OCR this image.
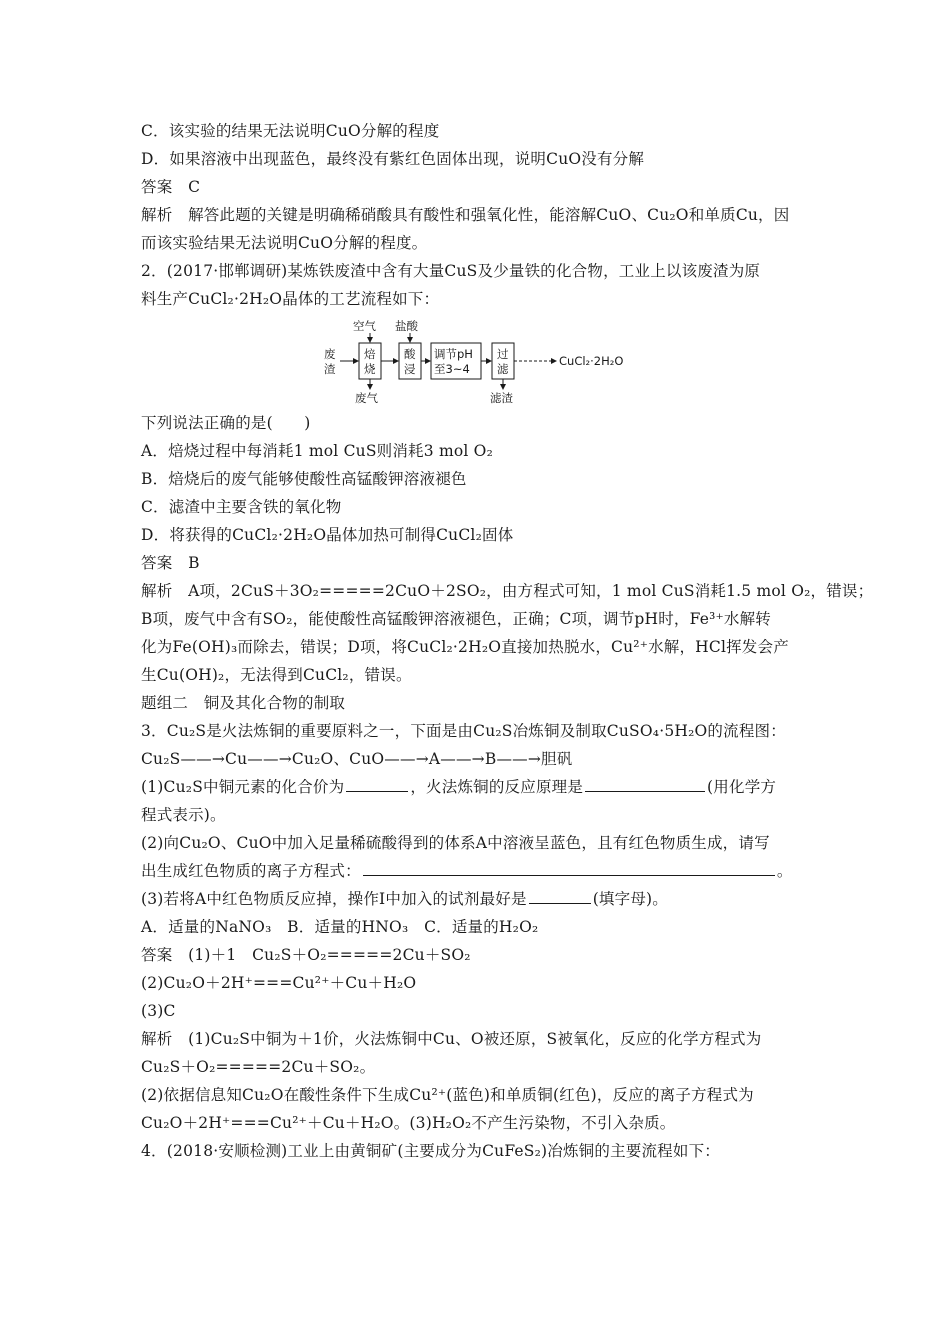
C．该实验的结果无法说明CuO分解的程度
D．如果溶液中出现蓝色，最终没有紫红色固体出现，说明CuO没有分解
答案　C
解析　解答此题的关键是明确稀硝酸具有酸性和强氧化性，能溶解CuO、Cu₂O和单质Cu，因
而该实验结果无法说明CuO分解的程度。
2．(2017·邯郸调研)某炼铁废渣中含有大量CuS及少量铁的化合物，工业上以该废渣为原
料生产CuCl₂·2H₂O晶体的工艺流程如下：
废
渣
焙
烧
空气
废气
酸
浸
盐酸
调节pH
至3~4
过
滤
滤渣
CuCl₂·2H₂O
下列说法正确的是(　　)
A．焙烧过程中每消耗1 mol CuS则消耗3 mol O₂
B．焙烧后的废气能够使酸性高锰酸钾溶液褪色
C．滤渣中主要含铁的氧化物
D．将获得的CuCl₂·2H₂O晶体加热可制得CuCl₂固体
答案　B
解析　A项，2CuS＋3O₂=====2CuO＋2SO₂，由方程式可知，1 mol CuS消耗1.5 mol O₂，错误；
B项，废气中含有SO₂，能使酸性高锰酸钾溶液褪色，正确；C项，调节pH时，Fe³⁺水解转
化为Fe(OH)₃而除去，错误；D项，将CuCl₂·2H₂O直接加热脱水，Cu²⁺水解，HCl挥发会产
生Cu(OH)₂，无法得到CuCl₂，错误。
题组二　铜及其化合物的制取
3．Cu₂S是火法炼铜的重要原料之一，下面是由Cu₂S冶炼铜及制取CuSO₄·5H₂O的流程图：
Cu₂S——→Cu——→Cu₂O、CuO——→A——→B——→胆矾
(1)Cu₂S中铜元素的化合价为	，火法炼铜的反应原理是	(用化学方
程式表示)。
(2)向Cu₂O、CuO中加入足量稀硫酸得到的体系A中溶液呈蓝色，且有红色物质生成，请写
出生成红色物质的离子方程式：	。
(3)若将A中红色物质反应掉，操作Ⅰ中加入的试剂最好是	(填字母)。
A．适量的NaNO₃　B．适量的HNO₃　C．适量的H₂O₂
答案　(1)＋1　Cu₂S＋O₂=====2Cu＋SO₂
(2)Cu₂O＋2H⁺===Cu²⁺＋Cu＋H₂O
(3)C
解析　(1)Cu₂S中铜为＋1价，火法炼铜中Cu、O被还原，S被氧化，反应的化学方程式为
Cu₂S＋O₂=====2Cu＋SO₂。
(2)依据信息知Cu₂O在酸性条件下生成Cu²⁺(蓝色)和单质铜(红色)，反应的离子方程式为
Cu₂O＋2H⁺===Cu²⁺＋Cu＋H₂O。(3)H₂O₂不产生污染物，不引入杂质。
4．(2018·安顺检测)工业上由黄铜矿(主要成分为CuFeS₂)冶炼铜的主要流程如下：
